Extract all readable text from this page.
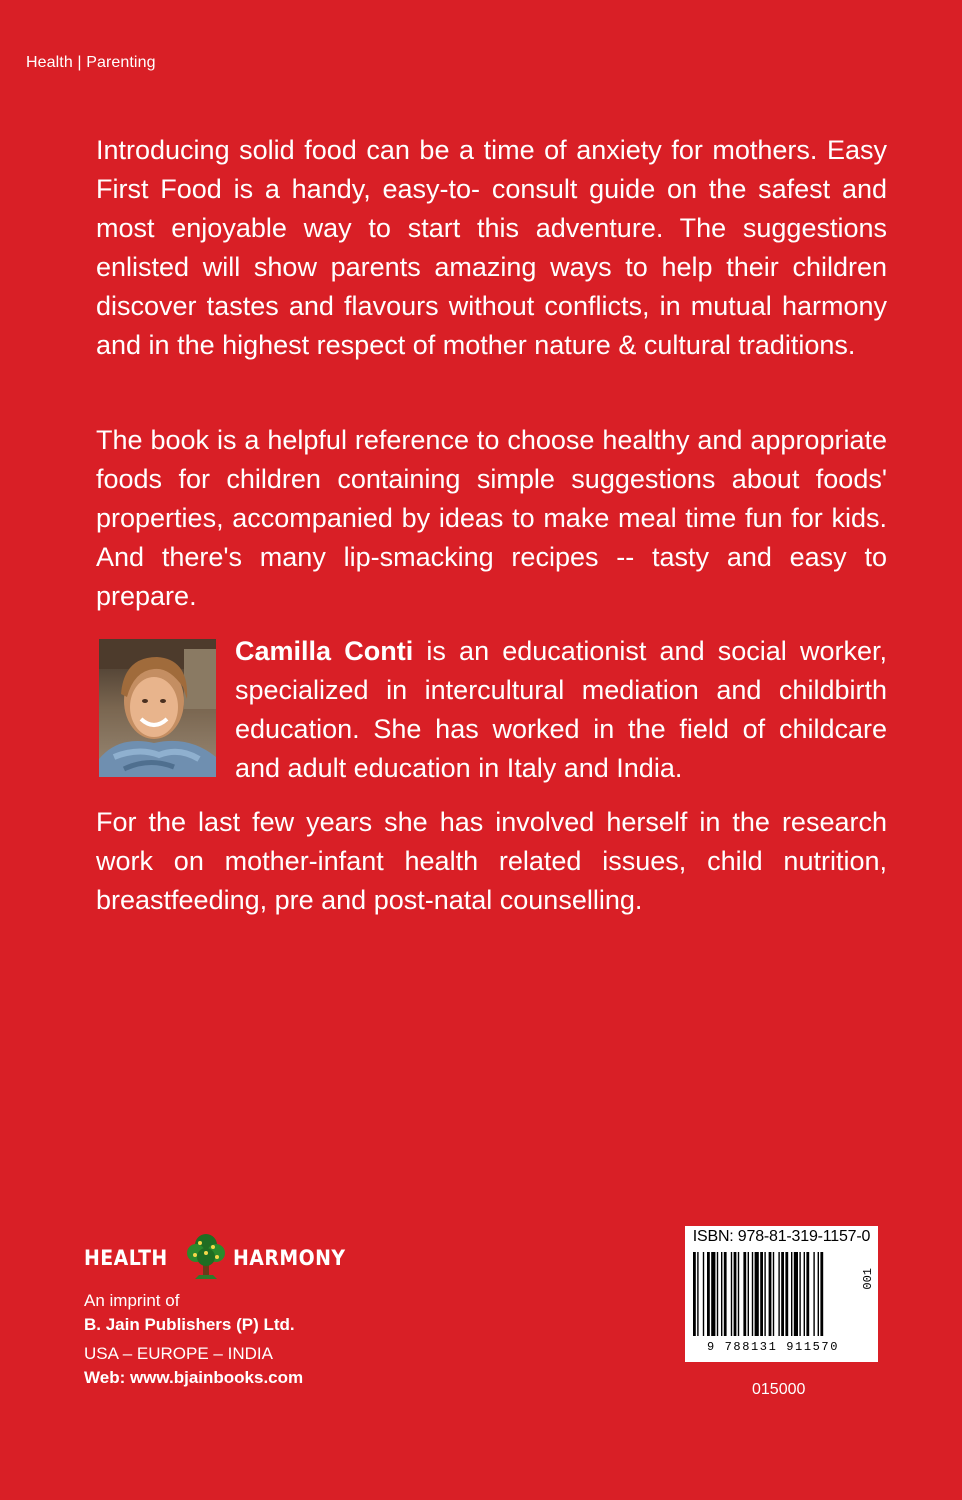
Health | Parenting

Introducing solid food can be a time of anxiety for mothers. Easy First Food is a handy, easy-to- consult guide on the safest and most enjoyable way to start this adventure. The suggestions enlisted will show parents amazing ways to help their children discover tastes and flavours without conflicts, in mutual harmony and in the highest respect of mother nature & cultural traditions.

The book is a helpful reference to choose healthy and appropriate foods for children containing simple suggestions about foods' properties, accompanied by ideas to make meal time fun for kids. And there's many lip-smacking recipes -- tasty and easy to prepare.

Camilla Conti is an educationist and social worker, specialized in intercultural mediation and childbirth education. She has worked in the field of childcare and adult education in Italy and India.

For the last few years she has involved herself in the research work on mother-infant health related issues, child nutrition, breastfeeding, pre and post-natal counselling.

HEALTH	HARMONY
An imprint of
B. Jain Publishers (P) Ltd.
USA – EUROPE – INDIA
Web: www.bjainbooks.com
ISBN: 978-81-319-1157-0
9 788131 911570
001
015000
